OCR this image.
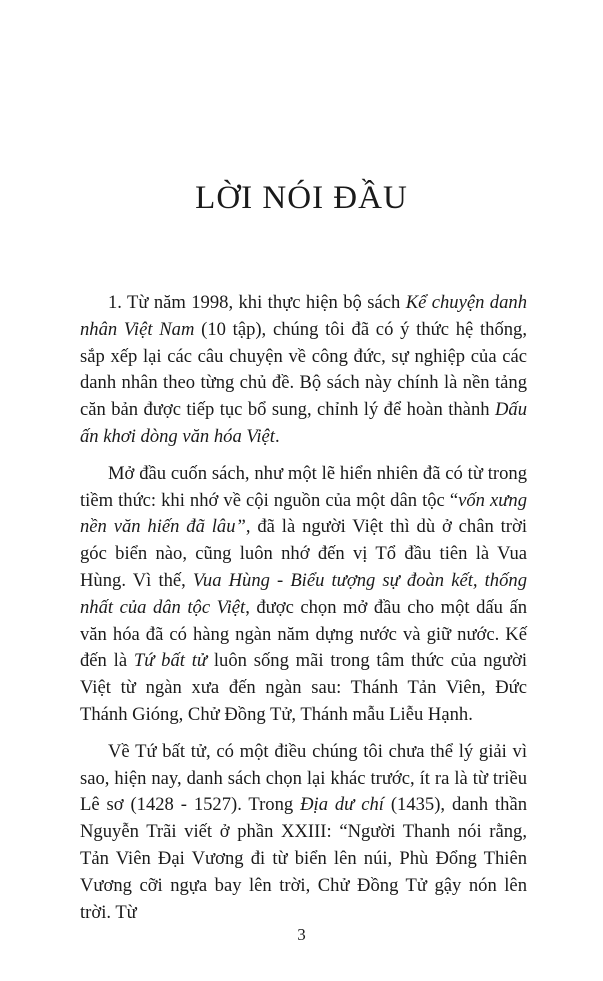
LỜI NÓI ĐẦU

1. Từ năm 1998, khi thực hiện bộ sách Kể chuyện danh nhân Việt Nam (10 tập), chúng tôi đã có ý thức hệ thống, sắp xếp lại các câu chuyện về công đức, sự nghiệp của các danh nhân theo từng chủ đề. Bộ sách này chính là nền tảng căn bản được tiếp tục bổ sung, chỉnh lý để hoàn thành Dấu ấn khơi dòng văn hóa Việt.

Mở đầu cuốn sách, như một lẽ hiển nhiên đã có từ trong tiềm thức: khi nhớ về cội nguồn của một dân tộc “vốn xưng nền văn hiến đã lâu”, đã là người Việt thì dù ở chân trời góc biển nào, cũng luôn nhớ đến vị Tổ đầu tiên là Vua Hùng. Vì thế, Vua Hùng - Biểu tượng sự đoàn kết, thống nhất của dân tộc Việt, được chọn mở đầu cho một dấu ấn văn hóa đã có hàng ngàn năm dựng nước và giữ nước. Kế đến là Tứ bất tử luôn sống mãi trong tâm thức của người Việt từ ngàn xưa đến ngàn sau: Thánh Tản Viên, Đức Thánh Gióng, Chử Đồng Tử, Thánh mẫu Liễu Hạnh.

Về Tứ bất tử, có một điều chúng tôi chưa thể lý giải vì sao, hiện nay, danh sách chọn lại khác trước, ít ra là từ triều Lê sơ (1428 - 1527). Trong Địa dư chí (1435), danh thần Nguyễn Trãi viết ở phần XXIII: “Người Thanh nói rằng, Tản Viên Đại Vương đi từ biển lên núi, Phù Đổng Thiên Vương cỡi ngựa bay lên trời, Chử Đồng Tử gậy nón lên trời. Từ

3
